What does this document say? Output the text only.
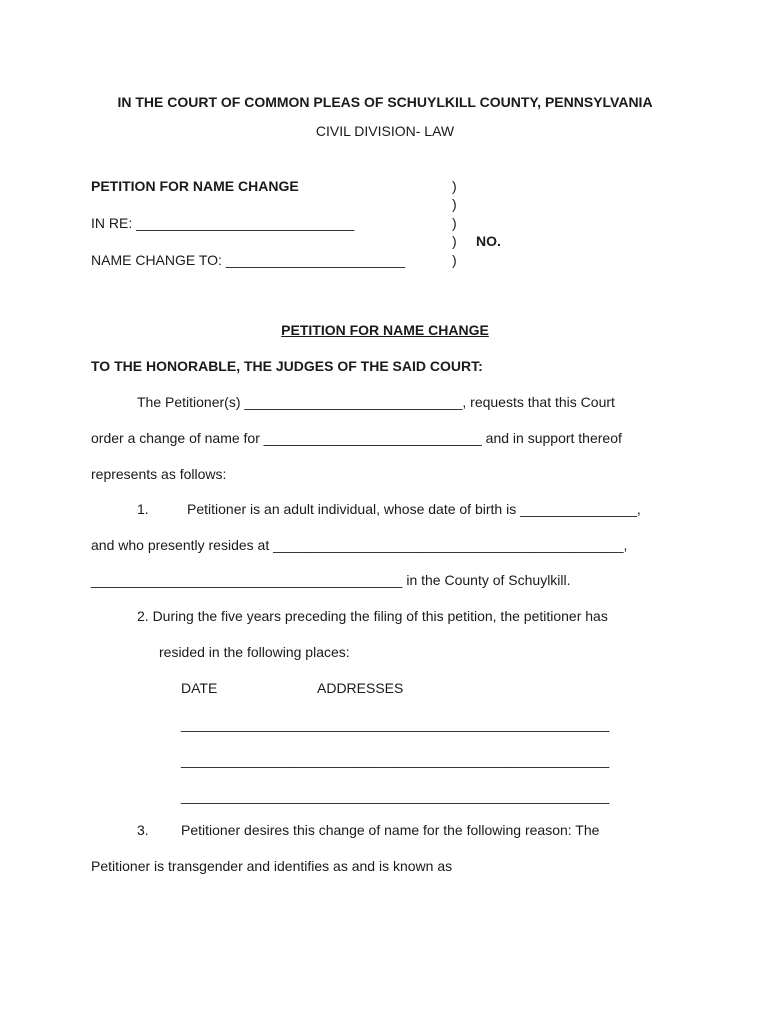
IN THE COURT OF COMMON PLEAS OF SCHUYLKILL COUNTY, PENNSYLVANIA
CIVIL DIVISION- LAW
PETITION FOR NAME CHANGE
IN RE: ____________________________
NAME CHANGE TO: _______________________
)
)
)
)
)
NO.
PETITION FOR NAME CHANGE
TO THE HONORABLE, THE JUDGES OF THE SAID COURT:
The Petitioner(s) ____________________________, requests that this Court
order a change of name for ____________________________ and in support thereof
represents as follows:
1.	Petitioner is an adult individual, whose date of birth is _______________,
and who presently resides at _____________________________________________,
________________________________________ in the County of Schuylkill.
2. During the five years preceding the filing of this petition, the petitioner has
resided in the following places:
DATE	ADDRESSES
_______________________________________________________
_______________________________________________________
_______________________________________________________
3. Petitioner desires this change of name for the following reason: The
Petitioner is transgender and identifies as and is known as
